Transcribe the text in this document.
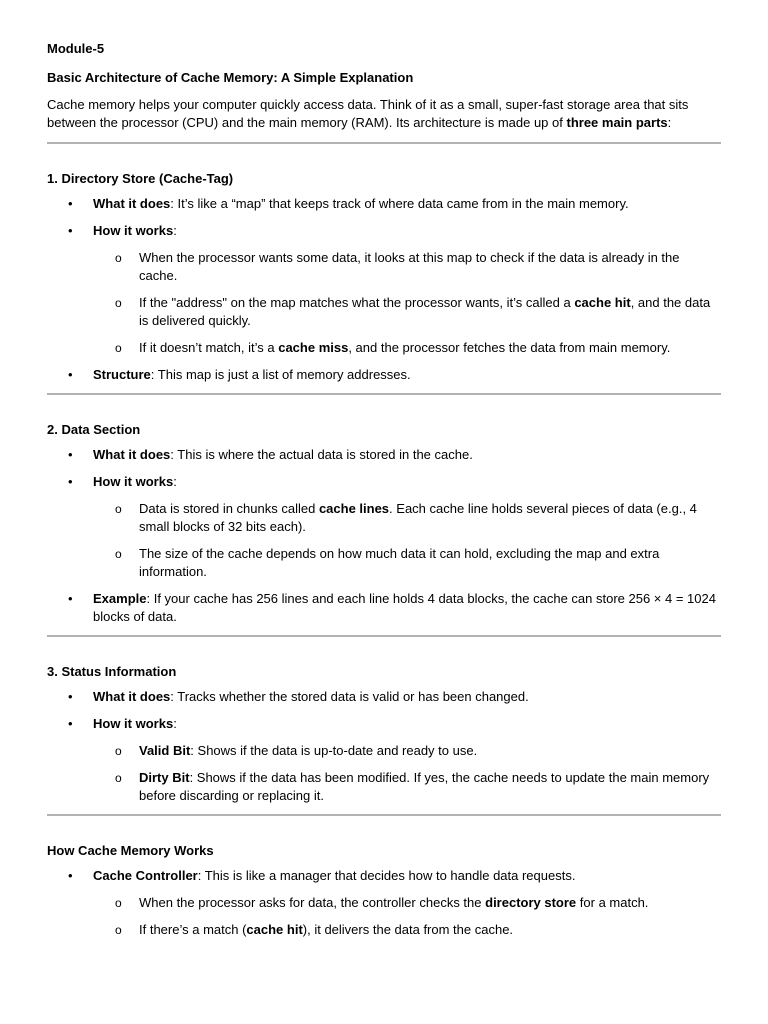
Module-5

Basic Architecture of Cache Memory: A Simple Explanation

Cache memory helps your computer quickly access data. Think of it as a small, super-fast storage area that sits between the processor (CPU) and the main memory (RAM). Its architecture is made up of three main parts:

1. Directory Store (Cache-Tag)

• What it does: It’s like a “map” that keeps track of where data came from in the main memory.
• How it works:
o When the processor wants some data, it looks at this map to check if the data is already in the cache.
o If the "address" on the map matches what the processor wants, it’s called a cache hit, and the data is delivered quickly.
o If it doesn’t match, it’s a cache miss, and the processor fetches the data from main memory.
• Structure: This map is just a list of memory addresses.

2. Data Section

• What it does: This is where the actual data is stored in the cache.
• How it works:
o Data is stored in chunks called cache lines. Each cache line holds several pieces of data (e.g., 4 small blocks of 32 bits each).
o The size of the cache depends on how much data it can hold, excluding the map and extra information.
• Example: If your cache has 256 lines and each line holds 4 data blocks, the cache can store 256 × 4 = 1024 blocks of data.

3. Status Information

• What it does: Tracks whether the stored data is valid or has been changed.
• How it works:
o Valid Bit: Shows if the data is up-to-date and ready to use.
o Dirty Bit: Shows if the data has been modified. If yes, the cache needs to update the main memory before discarding or replacing it.

How Cache Memory Works

• Cache Controller: This is like a manager that decides how to handle data requests.
o When the processor asks for data, the controller checks the directory store for a match.
o If there’s a match (cache hit), it delivers the data from the cache.
